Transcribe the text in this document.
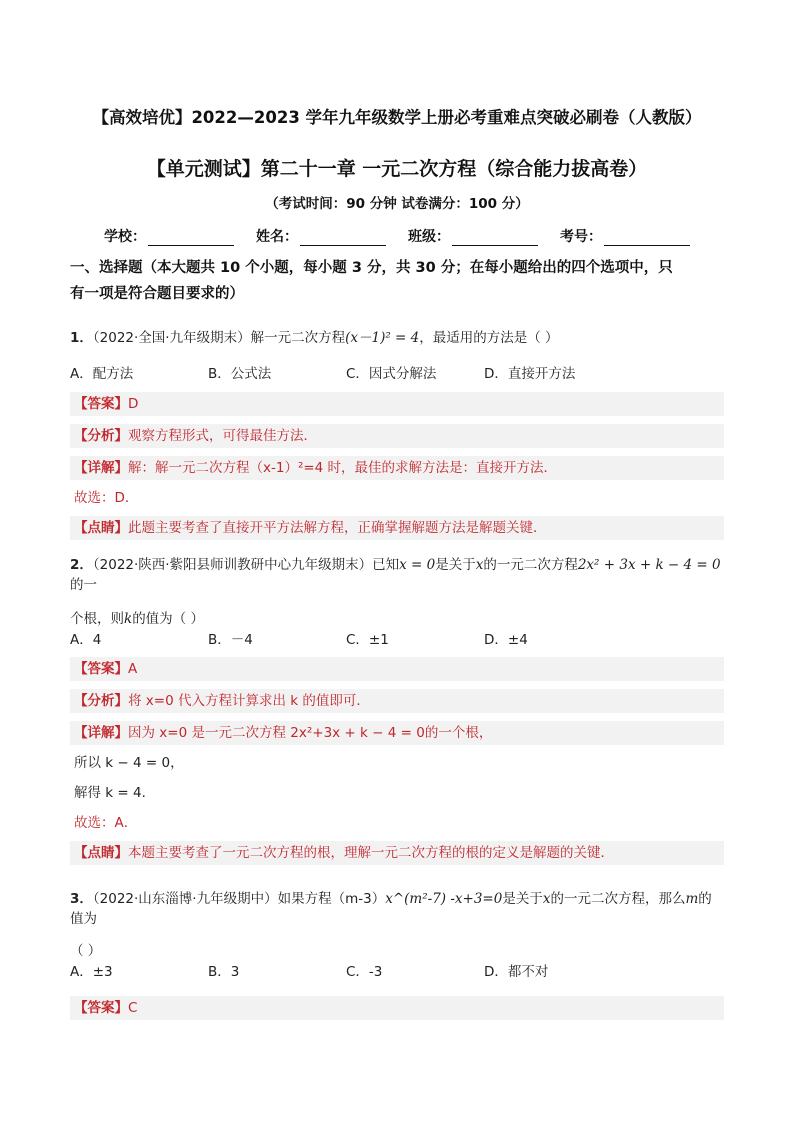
【高效培优】2022—2023 学年九年级数学上册必考重难点突破必刷卷（人教版）
【单元测试】第二十一章 一元二次方程（综合能力拔高卷）
（考试时间：90 分钟 试卷满分：100 分）
学校：	姓名：	班级：	考号：
一、选择题（本大题共 10 个小题，每小题 3 分，共 30 分；在每小题给出的四个选项中，只
有一项是符合题目要求的）
1．（2022·全国·九年级期末）解一元二次方程(x－1)² = 4，最适用的方法是（ ）
A．配方法	B．公式法	C．因式分解法	D．直接开方法
【答案】D
【分析】观察方程形式，可得最佳方法．
【详解】解：解一元二次方程（x-1）²=4 时，最佳的求解方法是：直接开方法．
故选：D．
【点睛】此题主要考查了直接开平方法解方程，正确掌握解题方法是解题关键．
2．（2022·陕西·紫阳县师训教研中心九年级期末）已知x = 0是关于x的一元二次方程2x² + 3x + k − 4 = 0的一
个根，则k的值为（ ）
A．4	B．－4	C．±1	D．±4
【答案】A
【分析】将 x=0 代入方程计算求出 k 的值即可．
【详解】因为 x=0 是一元二次方程 2x²+3x + k − 4 = 0的一个根，
所以 k − 4 = 0，
解得 k = 4．
故选：A．
【点睛】本题主要考查了一元二次方程的根，理解一元二次方程的根的定义是解题的关键．
3．（2022·山东淄博·九年级期中）如果方程（m-3）x^(m²-7) -x+3=0是关于x的一元二次方程，那么m的值为
（ ）
A．±3	B．3	C．-3	D．都不对
【答案】C
